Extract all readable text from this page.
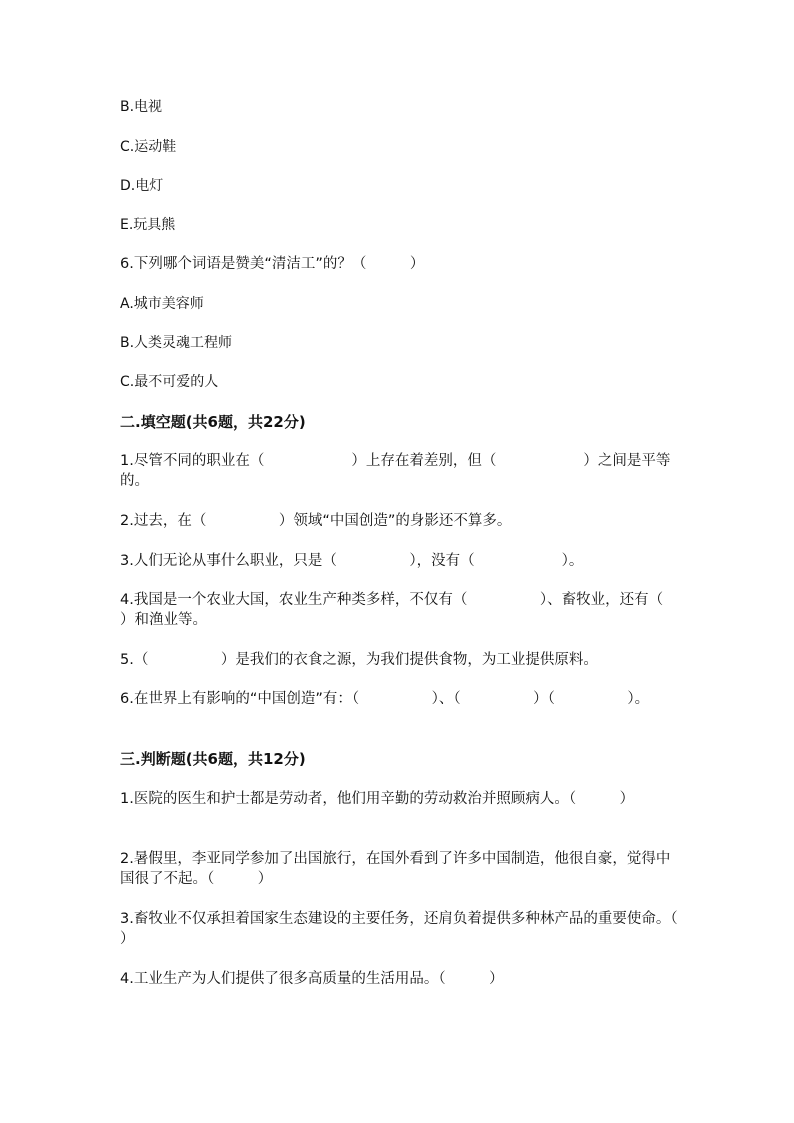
B.电视

C.运动鞋

D.电灯

E.玩具熊

6.下列哪个词语是赞美“清洁工”的？（　　　）

A.城市美容师

B.人类灵魂工程师

C.最不可爱的人

二.填空题(共6题，共22分)

1.尽管不同的职业在（　　　　　　）上存在着差别，但（　　　　　　）之间是平等的。

2.过去，在（　　　　　）领域“中国创造”的身影还不算多。

3.人们无论从事什么职业，只是（　　　　　），没有（　　　　　　）。

4.我国是一个农业大国，农业生产种类多样，不仅有（　　　　　）、畜牧业，还有（　　　　　）和渔业等。

5.（　　　　　）是我们的衣食之源，为我们提供食物，为工业提供原料。

6.在世界上有影响的“中国创造”有：（　　　　　）、（　　　　　）（　　　　　）。

三.判断题(共6题，共12分)

1.医院的医生和护士都是劳动者，他们用辛勤的劳动救治并照顾病人。（　　　）

2.暑假里，李亚同学参加了出国旅行，在国外看到了许多中国制造，他很自豪，觉得中国很了不起。（　　　）

3.畜牧业不仅承担着国家生态建设的主要任务，还肩负着提供多种林产品的重要使命。（　　）

4.工业生产为人们提供了很多高质量的生活用品。（　　　）
